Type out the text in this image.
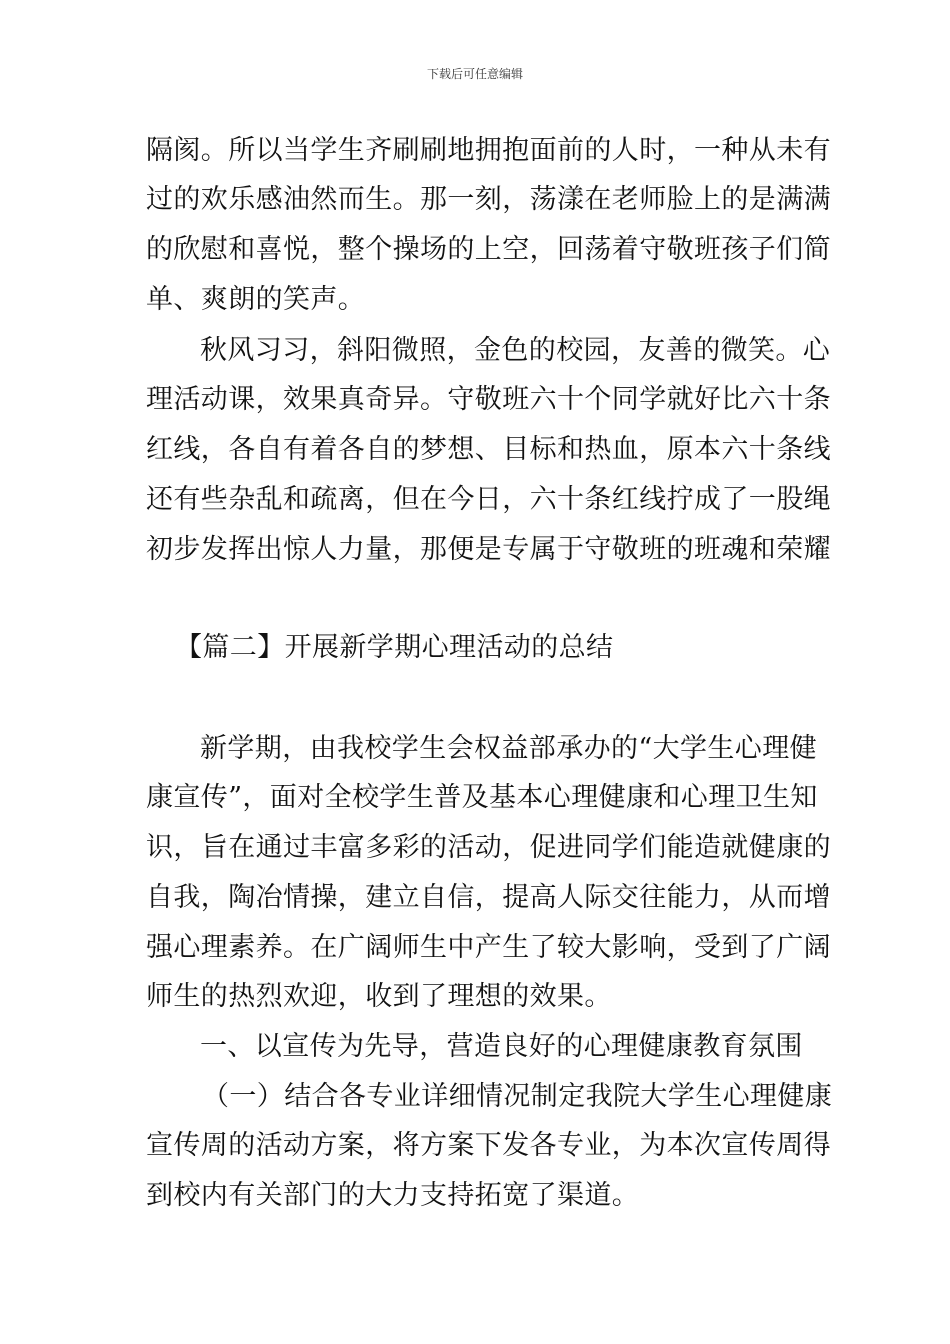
下载后可任意编辑
隔阂。所以当学生齐刷刷地拥抱面前的人时，一种从未有
过的欢乐感油然而生。那一刻，荡漾在老师脸上的是满满
的欣慰和喜悦，整个操场的上空，回荡着守敬班孩子们简
单、爽朗的笑声。
秋风习习，斜阳微照，金色的校园，友善的微笑。心
理活动课，效果真奇异。守敬班六十个同学就好比六十条
红线，各自有着各自的梦想、目标和热血，原本六十条线
还有些杂乱和疏离，但在今日，六十条红线拧成了一股绳
初步发挥出惊人力量，那便是专属于守敬班的班魂和荣耀
【篇二】开展新学期心理活动的总结
新学期，由我校学生会权益部承办的“大学生心理健
康宣传”，面对全校学生普及基本心理健康和心理卫生知
识，旨在通过丰富多彩的活动，促进同学们能造就健康的
自我，陶冶情操，建立自信，提高人际交往能力，从而增
强心理素养。在广阔师生中产生了较大影响，受到了广阔
师生的热烈欢迎，收到了理想的效果。
一、以宣传为先导，营造良好的心理健康教育氛围
（一）结合各专业详细情况制定我院大学生心理健康
宣传周的活动方案，将方案下发各专业，为本次宣传周得
到校内有关部门的大力支持拓宽了渠道。
